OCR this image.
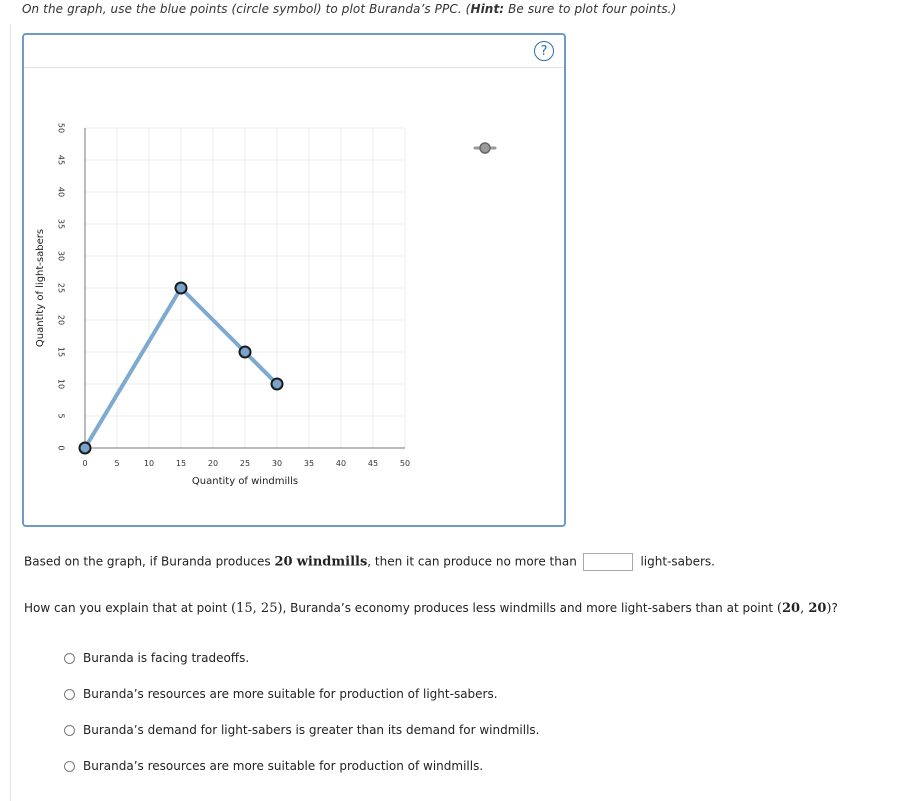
On the graph, use the blue points (circle symbol) to plot Buranda’s PPC. (Hint: Be sure to plot four points.)
?
0	5	10	15	20	25	30	35	40	45	50
0
5
10
15
20
25
30
35
40
45
50
Quantity of windmills
Quantity of light-sabers
Based on the graph, if Buranda produces 20 windmills, then it can produce no more than	light-sabers.
How can you explain that at point (15, 25), Buranda’s economy produces less windmills and more light-sabers than at point (20, 20)?
Buranda is facing tradeoffs.
Buranda’s resources are more suitable for production of light-sabers.
Buranda’s demand for light-sabers is greater than its demand for windmills.
Buranda’s resources are more suitable for production of windmills.
